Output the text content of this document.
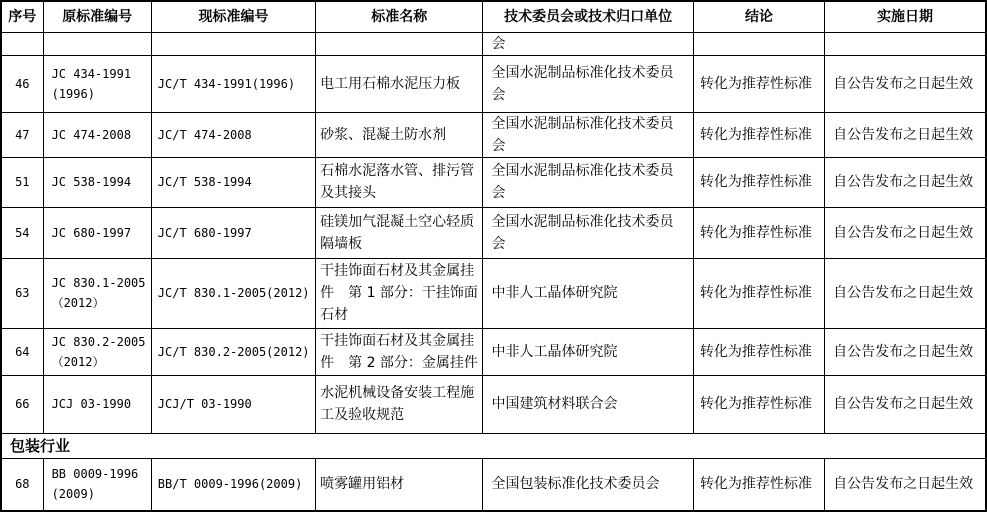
序号	原标准编号	现标准编号	标准名称	技术委员会或技术归口单位	结论	实施日期
				会		
46	JC 434-1991 (1996)	JC/T 434-1991(1996)	电工用石棉水泥压力板	全国水泥制品标准化技术委员会	转化为推荐性标准	自公告发布之日起生效
47	JC 474-2008	JC/T 474-2008	砂浆、混凝土防水剂	全国水泥制品标准化技术委员会	转化为推荐性标准	自公告发布之日起生效
51	JC 538-1994	JC/T 538-1994	石棉水泥落水管、排污管及其接头	全国水泥制品标准化技术委员会	转化为推荐性标准	自公告发布之日起生效
54	JC 680-1997	JC/T 680-1997	硅镁加气混凝土空心轻质隔墙板	全国水泥制品标准化技术委员会	转化为推荐性标准	自公告发布之日起生效
63	JC 830.1-2005 （2012）	JC/T 830.1-2005(2012)	干挂饰面石材及其金属挂件　第 1 部分：干挂饰面石材	中非人工晶体研究院	转化为推荐性标准	自公告发布之日起生效
64	JC 830.2-2005 （2012）	JC/T 830.2-2005(2012)	干挂饰面石材及其金属挂件　第 2 部分：金属挂件	中非人工晶体研究院	转化为推荐性标准	自公告发布之日起生效
66	JCJ 03-1990	JCJ/T 03-1990	水泥机械设备安装工程施工及验收规范	中国建筑材料联合会	转化为推荐性标准	自公告发布之日起生效
包装行业						
68	BB 0009-1996 (2009)	BB/T 0009-1996(2009)	喷雾罐用铝材	全国包装标准化技术委员会	转化为推荐性标准	自公告发布之日起生效
